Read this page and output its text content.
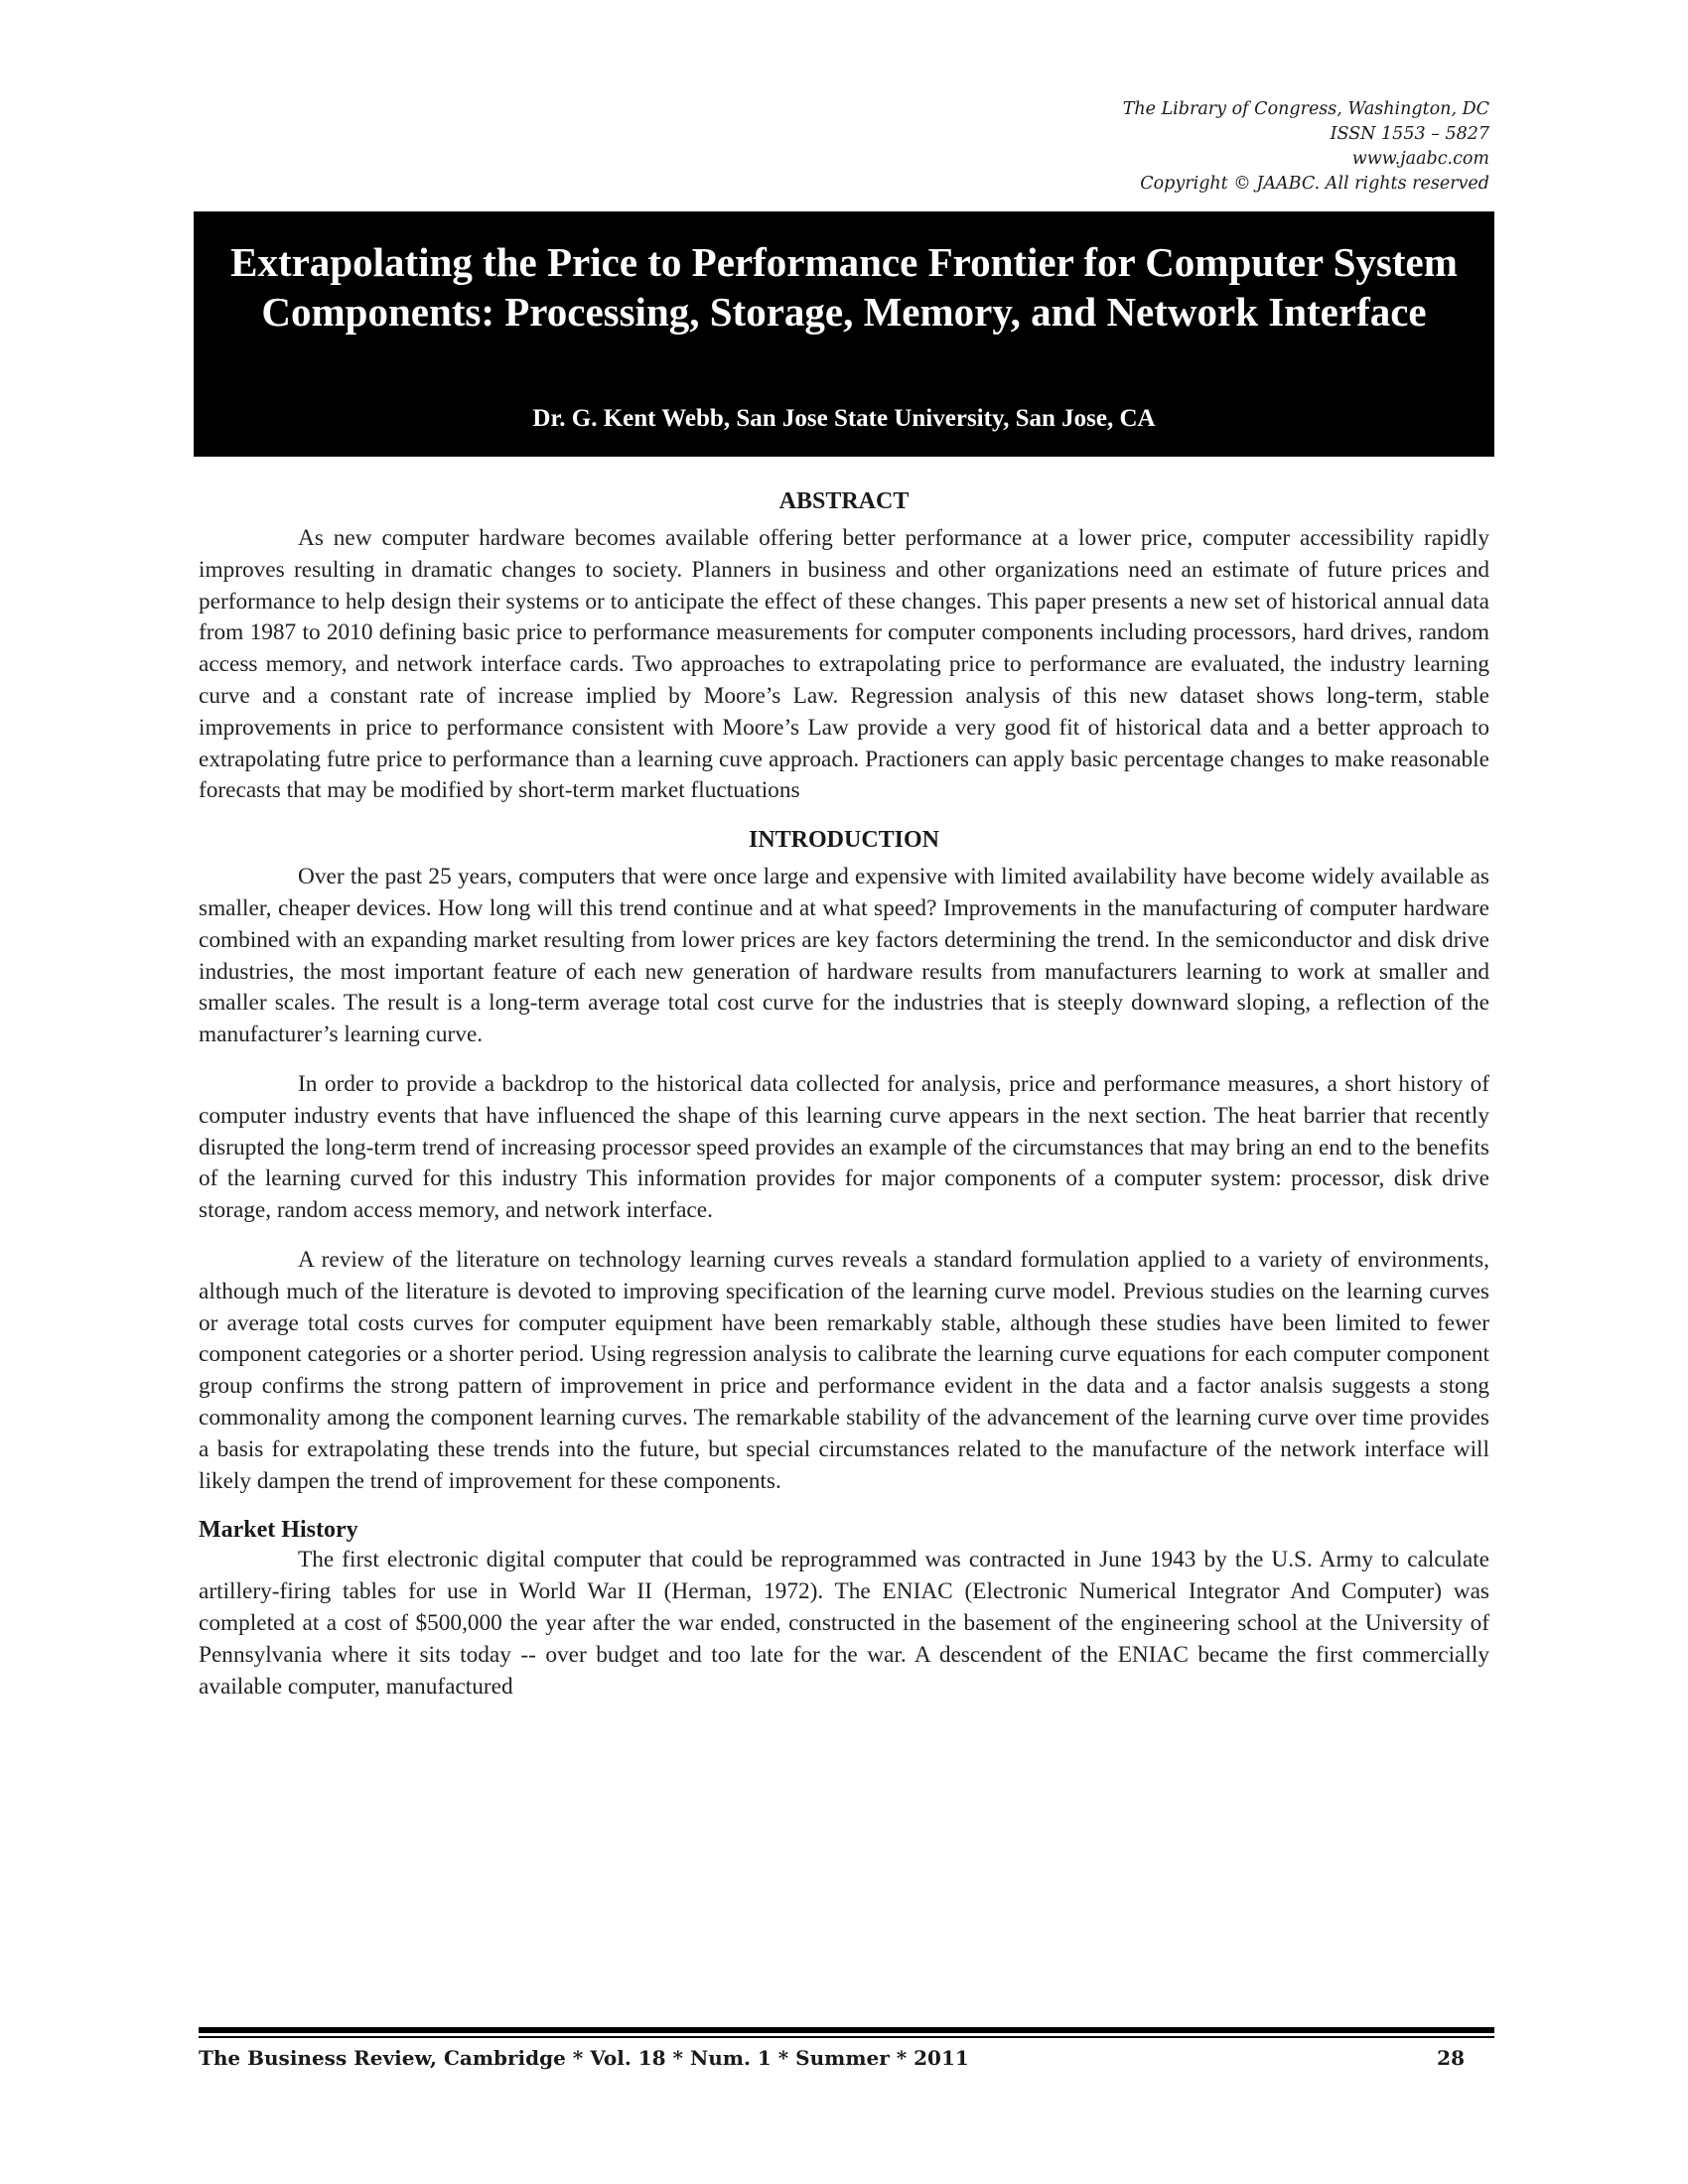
The Library of Congress, Washington, DC
ISSN 1553 – 5827
www.jaabc.com
Copyright © JAABC. All rights reserved
Extrapolating the Price to Performance Frontier for Computer System Components: Processing, Storage, Memory, and Network Interface
Dr. G. Kent Webb, San Jose State University, San Jose, CA
ABSTRACT

As new computer hardware becomes available offering better performance at a lower price, computer accessibility rapidly improves resulting in dramatic changes to society. Planners in business and other organizations need an estimate of future prices and performance to help design their systems or to anticipate the effect of these changes. This paper presents a new set of historical annual data from 1987 to 2010 defining basic price to performance measurements for computer components including processors, hard drives, random access memory, and network interface cards. Two approaches to extrapolating price to performance are evaluated, the industry learning curve and a constant rate of increase implied by Moore’s Law. Regression analysis of this new dataset shows long-term, stable improvements in price to performance consistent with Moore’s Law provide a very good fit of historical data and a better approach to extrapolating futre price to performance than a learning cuve approach. Practioners can apply basic percentage changes to make reasonable forecasts that may be modified by short-term market fluctuations

INTRODUCTION

Over the past 25 years, computers that were once large and expensive with limited availability have become widely available as smaller, cheaper devices. How long will this trend continue and at what speed? Improvements in the manufacturing of computer hardware combined with an expanding market resulting from lower prices are key factors determining the trend. In the semiconductor and disk drive industries, the most important feature of each new generation of hardware results from manufacturers learning to work at smaller and smaller scales. The result is a long-term average total cost curve for the industries that is steeply downward sloping, a reflection of the manufacturer’s learning curve.

In order to provide a backdrop to the historical data collected for analysis, price and performance measures, a short history of computer industry events that have influenced the shape of this learning curve appears in the next section. The heat barrier that recently disrupted the long-term trend of increasing processor speed provides an example of the circumstances that may bring an end to the benefits of the learning curved for this industry This information provides for major components of a computer system: processor, disk drive storage, random access memory, and network interface.

A review of the literature on technology learning curves reveals a standard formulation applied to a variety of environments, although much of the literature is devoted to improving specification of the learning curve model. Previous studies on the learning curves or average total costs curves for computer equipment have been remarkably stable, although these studies have been limited to fewer component categories or a shorter period. Using regression analysis to calibrate the learning curve equations for each computer component group confirms the strong pattern of improvement in price and performance evident in the data and a factor analsis suggests a stong commonality among the component learning curves. The remarkable stability of the advancement of the learning curve over time provides a basis for extrapolating these trends into the future, but special circumstances related to the manufacture of the network interface will likely dampen the trend of improvement for these components.

Market History

The first electronic digital computer that could be reprogrammed was contracted in June 1943 by the U.S. Army to calculate artillery-firing tables for use in World War II (Herman, 1972). The ENIAC (Electronic Numerical Integrator And Computer) was completed at a cost of $500,000 the year after the war ended, constructed in the basement of the engineering school at the University of Pennsylvania where it sits today -- over budget and too late for the war. A descendent of the ENIAC became the first commercially available computer, manufactured

The Business Review, Cambridge * Vol. 18 * Num. 1 * Summer * 2011	28
